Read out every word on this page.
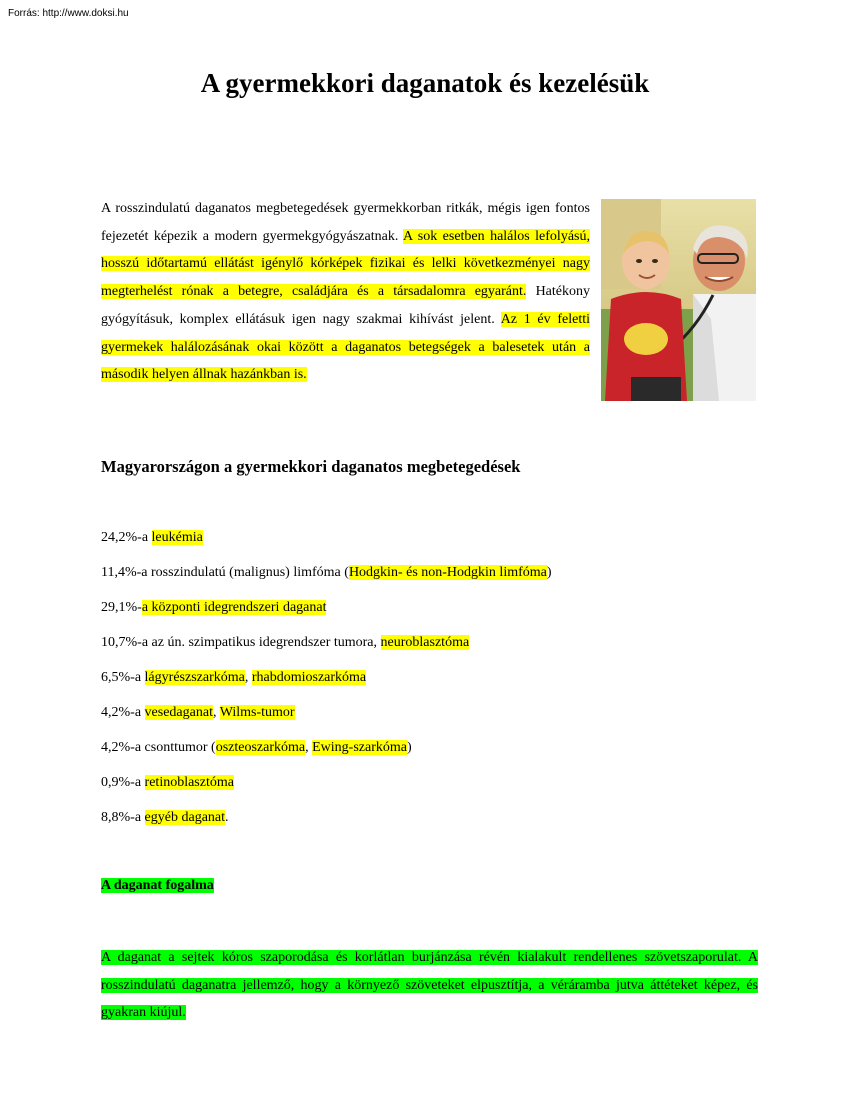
Forrás: http://www.doksi.hu
A gyermekkori daganatok és kezelésük

A rosszindulatú daganatos megbetegedések gyermekkorban ritkák, mégis igen fontos fejezetét képezik a modern gyermekgyógyászatnak. A sok esetben halálos lefolyású, hosszú időtartamú ellátást igénylő kórképek fizikai és lelki következményei nagy megterhelést rónak a betegre, családjára és a társadalomra egyaránt. Hatékony gyógyításuk, komplex ellátásuk igen nagy szakmai kihívást jelent. Az 1 év feletti gyermekek halálozásának okai között a daganatos betegségek a balesetek után a második helyen állnak hazánkban is.

Magyarországon a gyermekkori daganatos megbetegedések
24,2%-a leukémia
11,4%-a rosszindulatú (malignus) limfóma (Hodgkin- és non-Hodgkin limfóma)
29,1%-a központi idegrendszeri daganat
10,7%-a az ún. szimpatikus idegrendszer tumora, neuroblasztóma
6,5%-a lágyrészszarkóma, rhabdomioszarkóma
4,2%-a vesedaganat, Wilms-tumor
4,2%-a csonttumor (oszteoszarkóma, Ewing-szarkóma)
0,9%-a retinoblasztóma
8,8%-a egyéb daganat.
A daganat fogalma

A daganat a sejtek kóros szaporodása és korlátlan burjánzása révén kialakult rendellenes szövetszaporulat. A rosszindulatú daganatra jellemző, hogy a környező szöveteket elpusztítja, a véráramba jutva áttéteket képez, és gyakran kiújul.
